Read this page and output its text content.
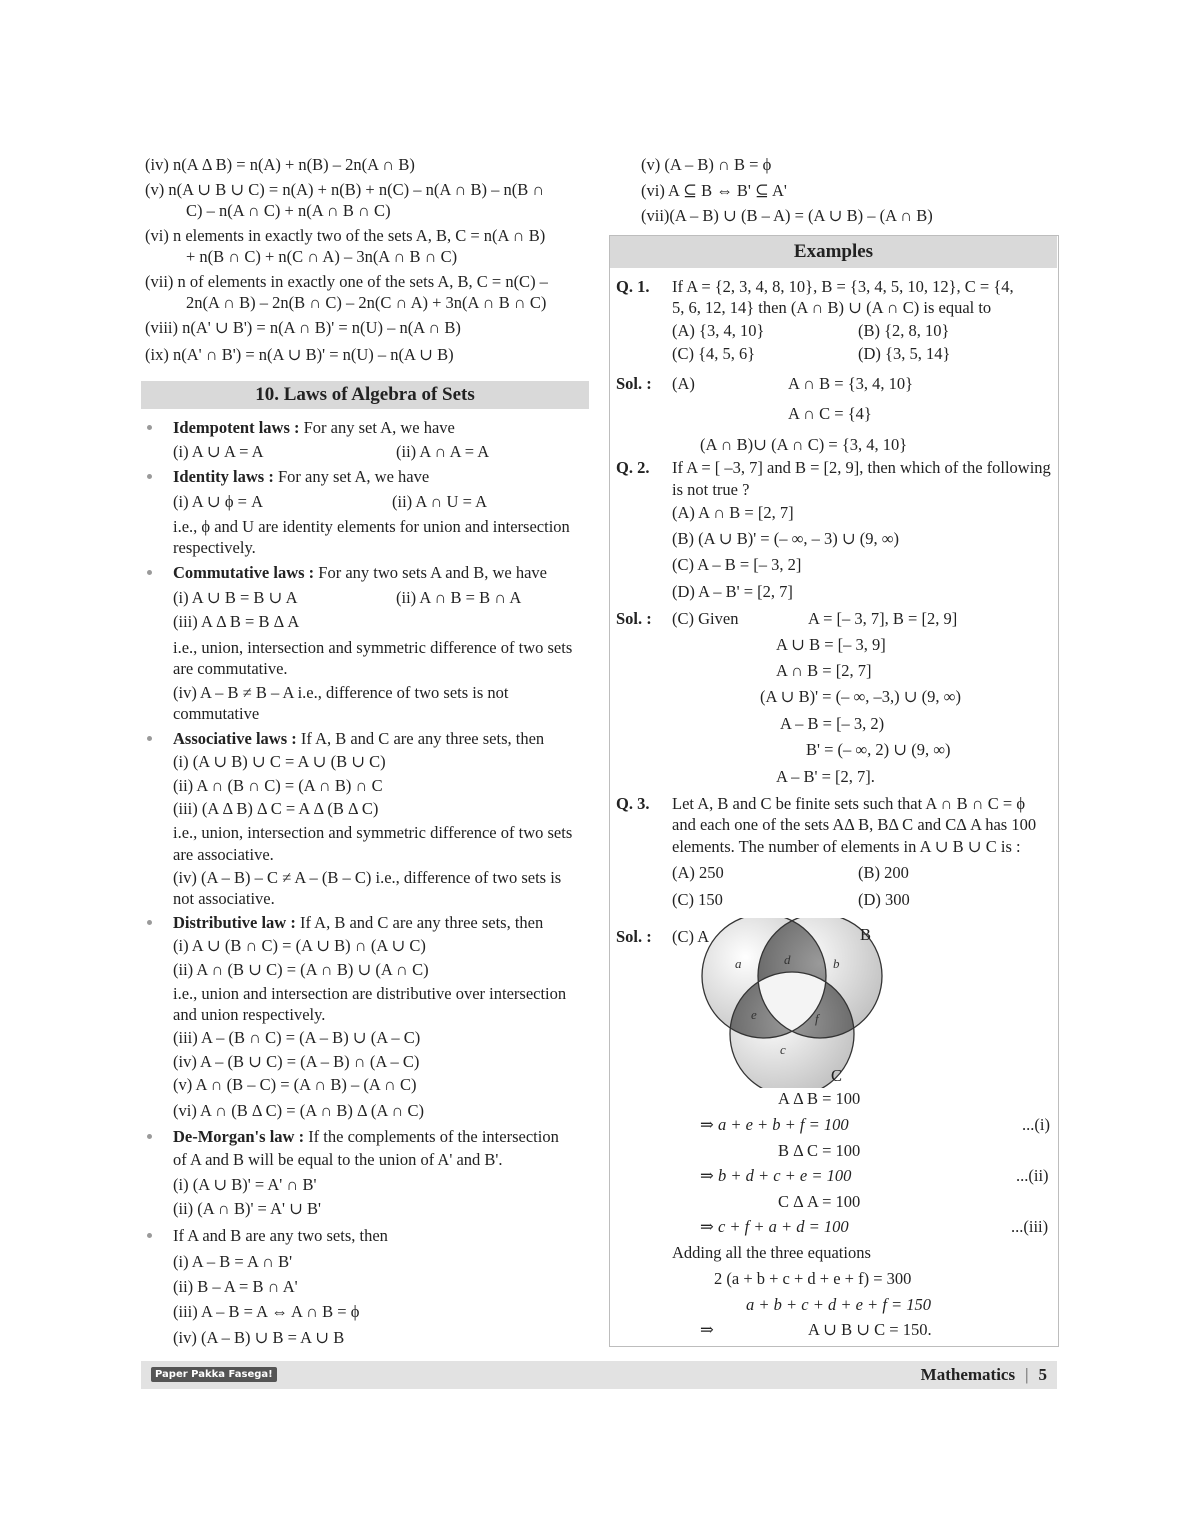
(iv) n(A Δ B) = n(A) + n(B) – 2n(A ∩ B)
(v) n(A ∪ B ∪ C) = n(A) + n(B) + n(C) – n(A ∩ B) – n(B ∩
C) – n(A ∩ C) + n(A ∩ B ∩ C)
(vi) n elements in exactly two of the sets A, B, C = n(A ∩ B)
+ n(B ∩ C) + n(C ∩ A) – 3n(A ∩ B ∩ C)
(vii) n of elements in exactly one of the sets A, B, C = n(C) –
2n(A ∩ B) – 2n(B ∩ C) – 2n(C ∩ A) + 3n(A ∩ B ∩ C)
(viii) n(A' ∪ B') = n(A ∩ B)' = n(U) – n(A ∩ B)
(ix) n(A' ∩ B') = n(A ∪ B)' = n(U) – n(A ∪ B)
10. Laws of Algebra of Sets
Idempotent laws : For any set A, we have
(i) A ∪ A = A	(ii) A ∩ A = A
Identity laws : For any set A, we have
(i) A ∪ ϕ = A	(ii) A ∩ U = A
i.e., ϕ and U are identity elements for union and intersection
respectively.
Commutative laws : For any two sets A and B, we have
(i) A ∪ B = B ∪ A	(ii) A ∩ B = B ∩ A
(iii) A Δ B = B Δ A
i.e., union, intersection and symmetric difference of two sets
are commutative.
(iv) A – B ≠ B – A i.e., difference of two sets is not
commutative
Associative laws : If A, B and C are any three sets, then
(i) (A ∪ B) ∪ C = A ∪ (B ∪ C)
(ii) A ∩ (B ∩ C) = (A ∩ B) ∩ C
(iii) (A Δ B) Δ C = A Δ (B Δ C)
i.e., union, intersection and symmetric difference of two sets
are associative.
(iv) (A – B) – C ≠ A – (B – C) i.e., difference of two sets is
not associative.
Distributive law : If A, B and C are any three sets, then
(i) A ∪ (B ∩ C) = (A ∪ B) ∩ (A ∪ C)
(ii) A ∩ (B ∪ C) = (A ∩ B) ∪ (A ∩ C)
i.e., union and intersection are distributive over intersection
and union respectively.
(iii) A – (B ∩ C) = (A – B) ∪ (A – C)
(iv) A – (B ∪ C) = (A – B) ∩ (A – C)
(v) A ∩ (B – C) = (A ∩ B) – (A ∩ C)
(vi) A ∩ (B Δ C) = (A ∩ B) Δ (A ∩ C)
De-Morgan's law : If the complements of the intersection
of A and B will be equal to the union of A' and B'.
(i) (A ∪ B)' = A' ∩ B'
(ii) (A ∩ B)' = A' ∪ B'
If A and B are any two sets, then
(i) A – B = A ∩ B'
(ii) B – A = B ∩ A'
(iii) A – B = A ⇔ A ∩ B = ϕ
(iv) (A – B) ∪ B = A ∪ B
(v) (A – B) ∩ B = ϕ
(vi) A ⊆ B ⇔ B' ⊆ A'
(vii)(A – B) ∪ (B – A) = (A ∪ B) – (A ∩ B)
Examples
Q. 1. If A = {2, 3, 4, 8, 10}, B = {3, 4, 5, 10, 12}, C = {4,
5, 6, 12, 14} then (A ∩ B) ∪ (A ∩ C) is equal to
(A) {3, 4, 10}	(B) {2, 8, 10}
(C) {4, 5, 6}	(D) {3, 5, 14}
Sol. : (A)	A ∩ B = {3, 4, 10}
A ∩ C = {4}
(A ∩ B)∪ (A ∩ C) = {3, 4, 10}
Q. 2. If A = [ –3, 7] and B = [2, 9], then which of the following
is not true ?
(A) A ∩ B = [2, 7]
(B) (A ∪ B)' = (– ∞, – 3) ∪ (9, ∞)
(C) A – B = [– 3, 2]
(D) A – B' = [2, 7]
Sol. : (C) Given	A = [– 3, 7], B = [2, 9]
A ∪ B = [– 3, 9]
A ∩ B = [2, 7]
(A ∪ B)' = (– ∞, –3,) ∪ (9, ∞)
A – B = [– 3, 2)
B' = (– ∞, 2) ∪ (9, ∞)
A – B' = [2, 7].
Q. 3. Let A, B and C be finite sets such that A ∩ B ∩ C = ϕ
and each one of the sets AΔ B, BΔ C and CΔ A has 100
elements. The number of elements in A ∪ B ∪ C is :
(A) 250	(B) 200
(C) 150	(D) 300
Sol. : (C) A
a	b
c
d
e	f
B
C
A Δ B = 100
⇒ a + e + b + f = 100	...(i)
B Δ C = 100
⇒ b + d + c + e = 100	...(ii)
C Δ A = 100
⇒ c + f + a + d = 100	...(iii)
Adding all the three equations
2 (a + b + c + d + e + f) = 300
a + b + c + d + e + f = 150
⇒	A ∪ B ∪ C = 150.
Paper Pakka Fasega!	Mathematics | 5
